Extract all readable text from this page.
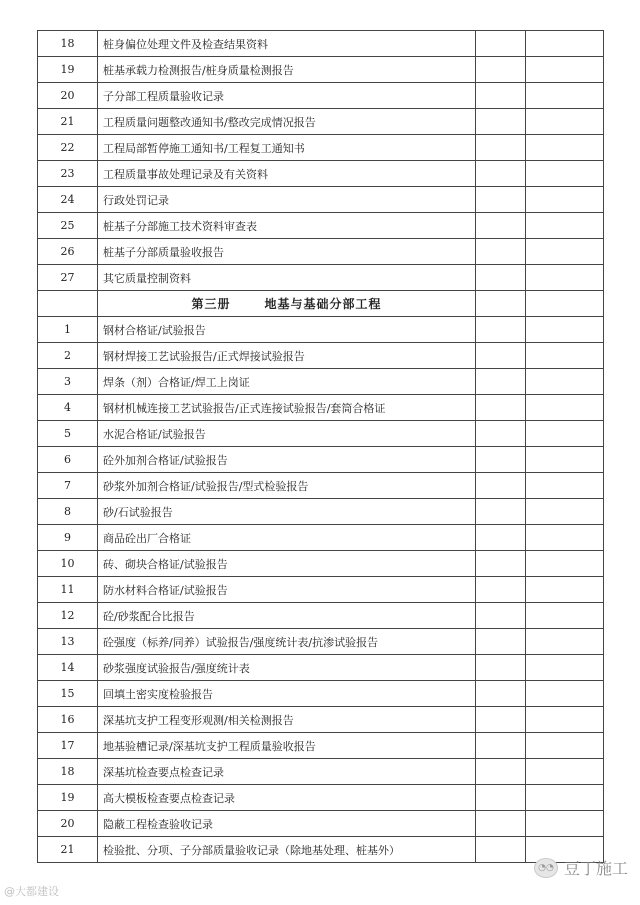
18	桩身偏位处理文件及检查结果资料		
19	桩基承载力检测报告/桩身质量检测报告		
20	子分部工程质量验收记录		
21	工程质量问题整改通知书/整改完成情况报告		
22	工程局部暂停施工通知书/工程复工通知书		
23	工程质量事故处理记录及有关资料		
24	行政处罚记录		
25	桩基子分部施工技术资料审查表		
26	桩基子分部质量验收报告		
27	其它质量控制资料		
	第三册 地基与基础分部工程		
1	钢材合格证/试验报告		
2	钢材焊接工艺试验报告/正式焊接试验报告		
3	焊条（剂）合格证/焊工上岗证		
4	钢材机械连接工艺试验报告/正式连接试验报告/套筒合格证		
5	水泥合格证/试验报告		
6	砼外加剂合格证/试验报告		
7	砂浆外加剂合格证/试验报告/型式检验报告		
8	砂/石试验报告		
9	商品砼出厂合格证		
10	砖、砌块合格证/试验报告		
11	防水材料合格证/试验报告		
12	砼/砂浆配合比报告		
13	砼强度（标养/同养）试验报告/强度统计表/抗渗试验报告		
14	砂浆强度试验报告/强度统计表		
15	回填土密实度检验报告		
16	深基坑支护工程变形观测/相关检测报告		
17	地基验槽记录/深基坑支护工程质量验收报告		
18	深基坑检查要点检查记录		
19	高大模板检查要点检查记录		
20	隐蔽工程检查验收记录		
21	检验批、分项、子分部质量验收记录（除地基处理、桩基外）		
@大都建设
◔◔ 豆丁施工
